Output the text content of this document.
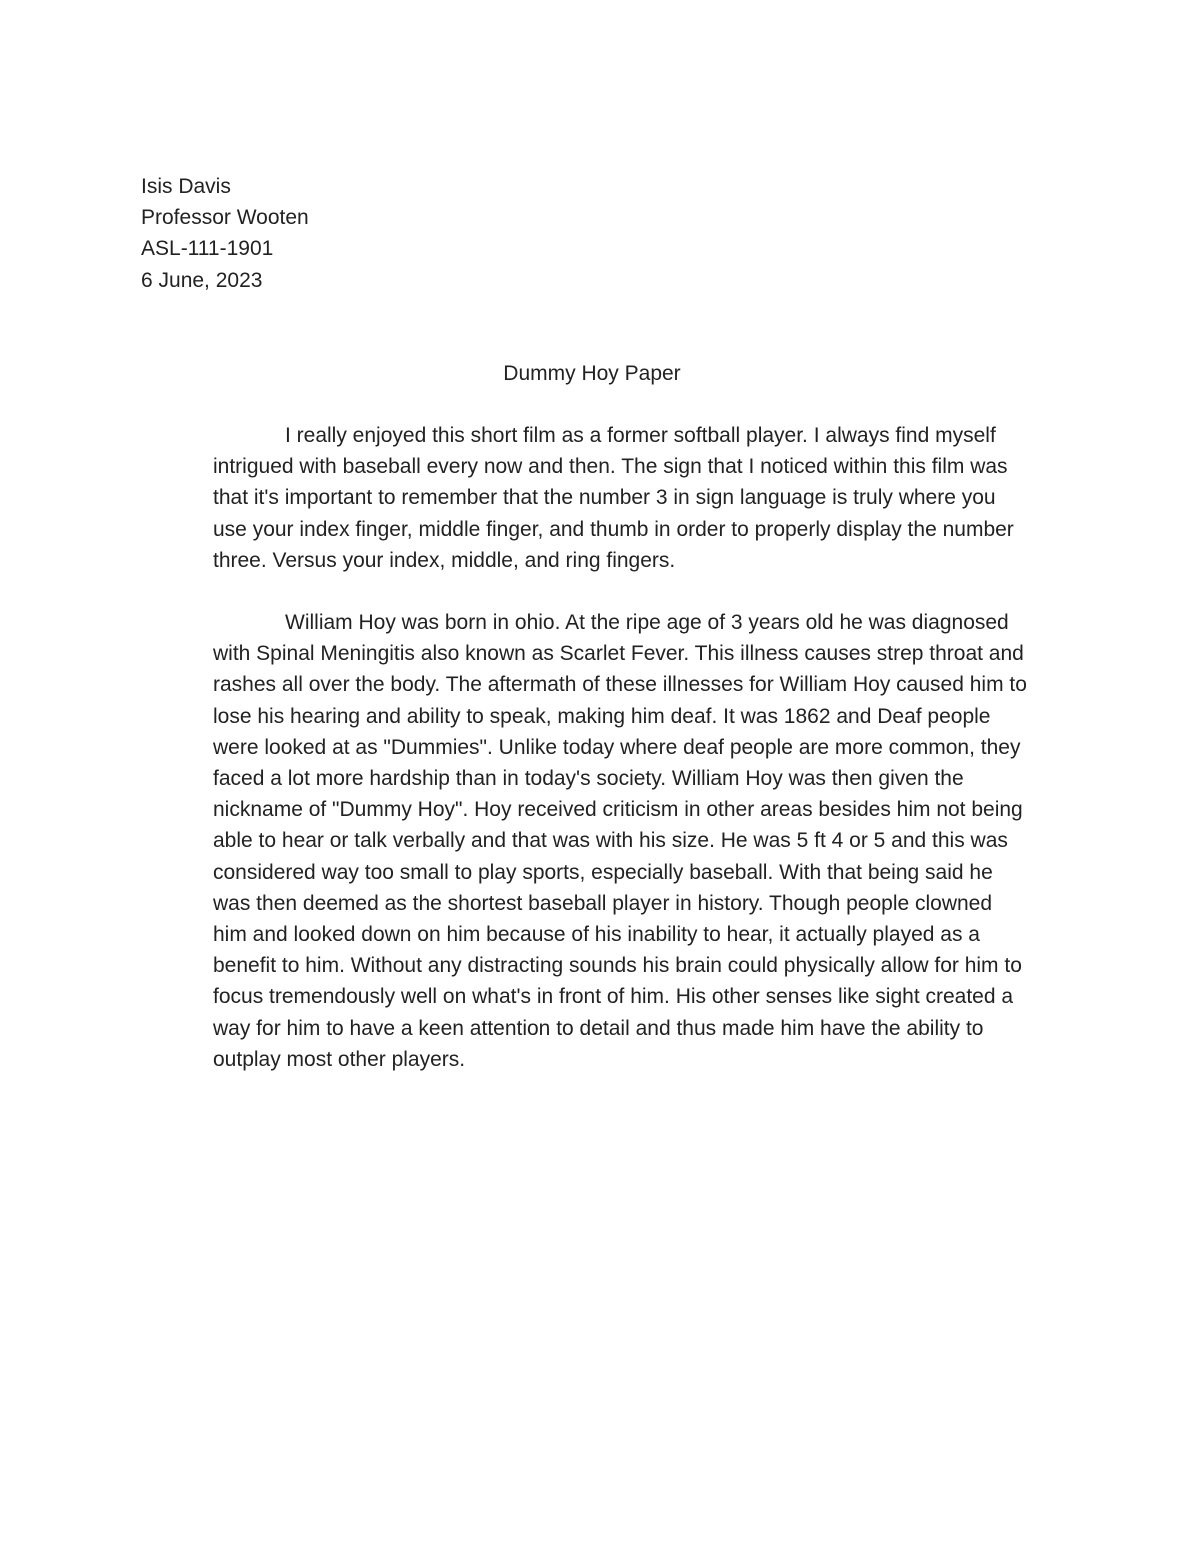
Isis Davis
Professor Wooten
ASL-111-1901
6 June, 2023
Dummy Hoy Paper
I really enjoyed this short film as a former softball player. I always find myself
intrigued with baseball every now and then. The sign that I noticed within this film was
that it's important to remember that the number 3 in sign language is truly where you
use your index finger, middle finger, and thumb in order to properly display the number
three. Versus your index, middle, and ring fingers.
William Hoy was born in ohio. At the ripe age of 3 years old he was diagnosed
with Spinal Meningitis also known as Scarlet Fever. This illness causes strep throat and
rashes all over the body. The aftermath of these illnesses for William Hoy caused him to
lose his hearing and ability to speak, making him deaf. It was 1862 and Deaf people
were looked at as "Dummies". Unlike today where deaf people are more common, they
faced a lot more hardship than in today's society. William Hoy was then given the
nickname of "Dummy Hoy". Hoy received criticism in other areas besides him not being
able to hear or talk verbally and that was with his size. He was 5 ft 4 or 5 and this was
considered way too small to play sports, especially baseball. With that being said he
was then deemed as the shortest baseball player in history. Though people clowned
him and looked down on him because of his inability to hear, it actually played as a
benefit to him. Without any distracting sounds his brain could physically allow for him to
focus tremendously well on what's in front of him. His other senses like sight created a
way for him to have a keen attention to detail and thus made him have the ability to
outplay most other players.
